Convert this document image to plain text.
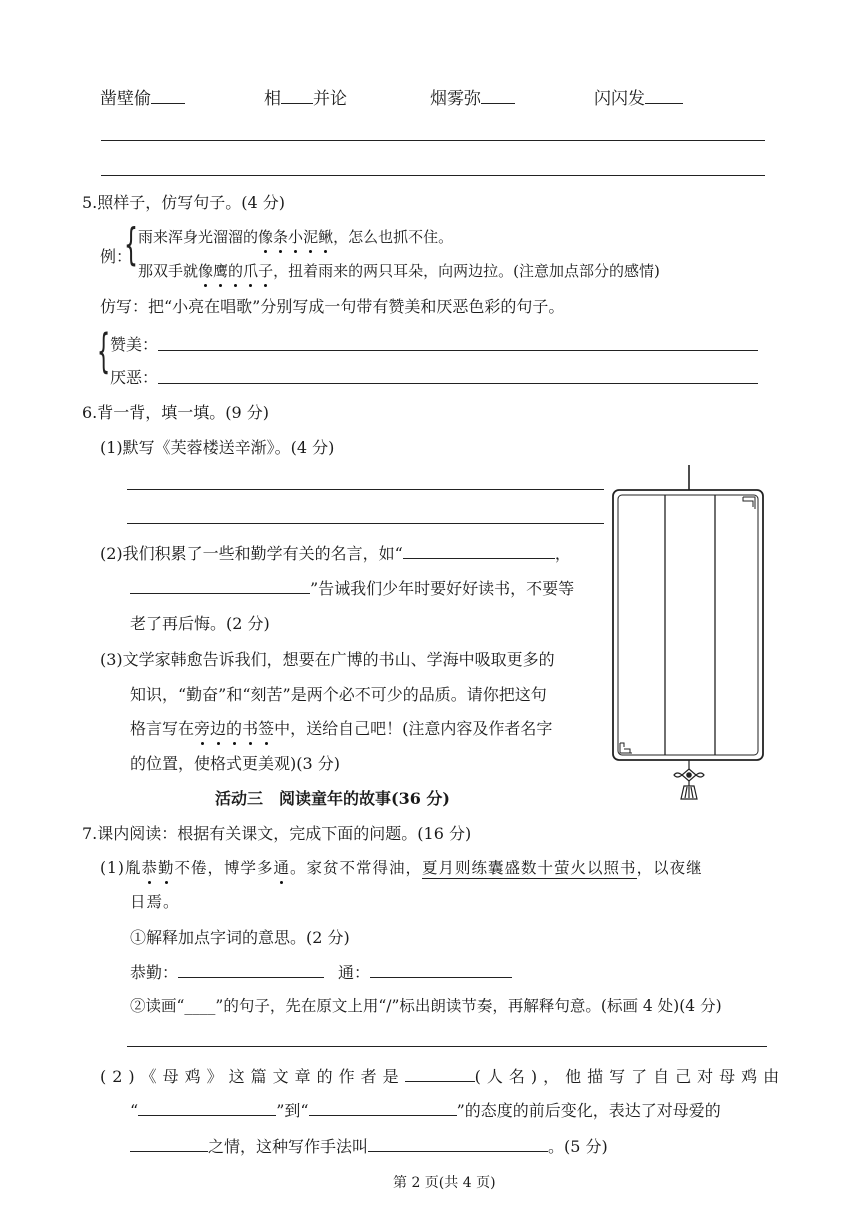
凿壁偷	相 并论	烟雾弥	闪闪发
5.照样子，仿写句子。(4 分)
例：
{ 雨来浑身光溜溜的像条小泥鳅，怎么也抓不住。
那双手就像鹰的爪子，扭着雨来的两只耳朵，向两边拉。(注意加点部分的感情)
仿写：把“小亮在唱歌”分别写成一句带有赞美和厌恶色彩的句子。
{ 赞美：
厌恶：
6.背一背，填一填。(9 分)
(1)默写《芙蓉楼送辛渐》。(4 分)
(2)我们积累了一些和勤学有关的名言，如“	，
”告诫我们少年时要好好读书，不要等
老了再后悔。(2 分)
(3)文学家韩愈告诉我们，想要在广博的书山、学海中吸取更多的
知识，“勤奋”和“刻苦”是两个必不可少的品质。请你把这句
格言写在旁边的书签中，送给自己吧！(注意内容及作者名字
的位置，使格式更美观)(3 分)
活动三　阅读童年的故事(36 分)
7.课内阅读：根据有关课文，完成下面的问题。(16 分)
(1)胤恭勤不倦，博学多通。家贫不常得油，夏月则练囊盛数十萤火以照书，以夜继
日焉。
①解释加点字词的意思。(2 分)
恭勤：	通：
②读画“____”的句子，先在原文上用“/”标出朗读节奏，再解释句意。(标画 4 处)(4 分)
(2)《母鸡》这篇文章的作者是	(人名)，他描写了自己对母鸡由
“	”到“	”的态度的前后变化，表达了对母爱的
之情，这种写作手法叫	。(5 分)
第 2 页(共 4 页)
